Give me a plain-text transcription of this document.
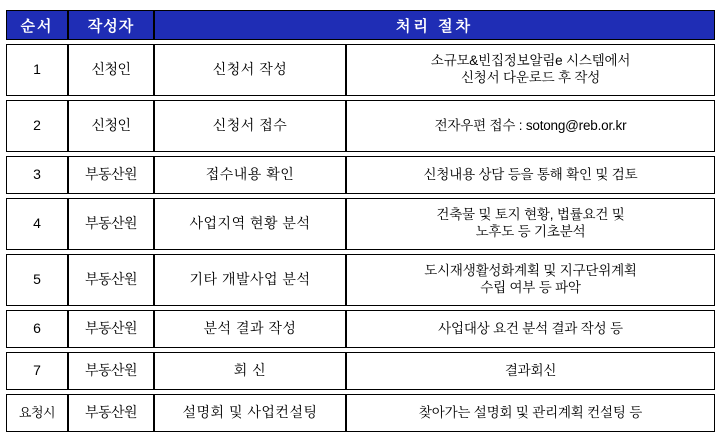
순서	작성자	처리 절차	
1	신청인	신청서 작성	소규모&빈집정보알림e 시스템에서
신청서 다운로드 후 작성

2	신청인	신청서 접수	전자우편 접수 : sotong@reb.or.kr

3	부동산원	접수내용 확인	신청내용 상담 등을 통해 확인 및 검토
4	부동산원	사업지역 현황 분석	건축물 및 토지 현황, 법률요건 및
노후도 등 기초분석

5	부동산원	기타 개발사업 분석	도시재생활성화계획 및 지구단위계획
수립 여부 등 파악

6	부동산원	분석 결과 작성	사업대상 요건 분석 결과 작성 등
7	부동산원	회 신	결과회신
요청시	부동산원	설명회 및 사업컨설팅	찾아가는 설명회 및 관리계획 컨설팅 등
